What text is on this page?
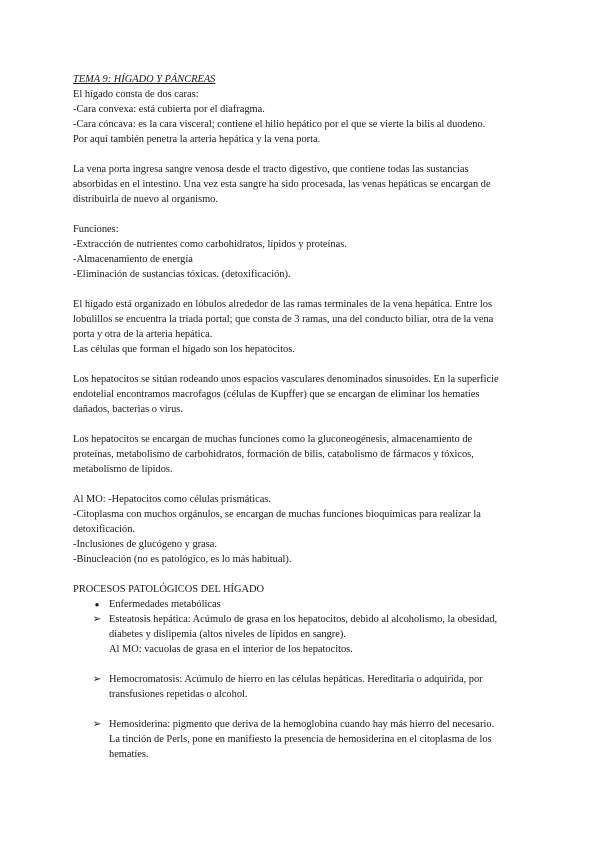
TEMA 9: HÍGADO Y PÁNCREAS
El hígado consta de dos caras:
-Cara convexa: está cubierta por el diafragma.
-Cara cóncava: es la cara visceral; contiene el hilio hepático por el que se vierte la bilis al duodeno.
Por aquí también penetra la arteria hepática y la vena porta.
La vena porta ingresa sangre venosa desde el tracto digestivo, que contiene todas las sustancias
absorbidas en el intestino. Una vez esta sangre ha sido procesada, las venas hepáticas se encargan de
distribuirla de nuevo al organismo.
Funciones:
-Extracción de nutrientes como carbohidratos, lípidos y proteínas.
-Almacenamiento de energía
-Eliminación de sustancias tóxicas. (detoxificación).
El hígado está organizado en lóbulos alrededor de las ramas terminales de la vena hepática. Entre los
lobulillos se encuentra la triada portal; que consta de 3 ramas, una del conducto biliar, otra de la vena
porta y otra de la arteria hepática.
Las células que forman el hígado son los hepatocitos.
Los hepatocitos se sitúan rodeando unos espacios vasculares denominados sinusoides. En la superficie
endotelial encontramos macrofagos (células de Kupffer) que se encargan de eliminar los hematíes
dañados, bacterias o virus.
Los hepatocitos se encargan de muchas funciones como la gluconeogénesis, almacenamiento de
proteínas, metabolismo de carbohidratos, formación de bilis, catabolismo de fármacos y tóxicos,
metabolismo de lípidos.
Al MO: -Hepatocitos como células prismáticas.
-Citoplasma con muchos orgánulos, se encargan de muchas funciones bioquímicas para realizar la
detoxificación.
-Inclusiones de glucógeno y grasa.
-Binucleación (no es patológico, es lo más habitual).
PROCESOS PATOLÓGICOS DEL HÍGADO
● Enfermedades metabólicas
➢ Esteatosis hepática: Acúmulo de grasa en los hepatocitos, debido al alcoholismo, la obesidad,
diabetes y dislipemia (altos niveles de lípidos en sangre).
Al MO: vacuolas de grasa en el interior de los hepatocitos.
➢ Hemocromatosis: Acúmulo de hierro en las células hepáticas. Hereditaria o adquirida, por
transfusiones repetidas o alcohol.
➢ Hemosiderina: pigmento que deriva de la hemoglobina cuando hay más hierro del necesario.
La tinción de Perls, pone en manifiesto la presencia de hemosiderina en el citoplasma de los
hematíes.
